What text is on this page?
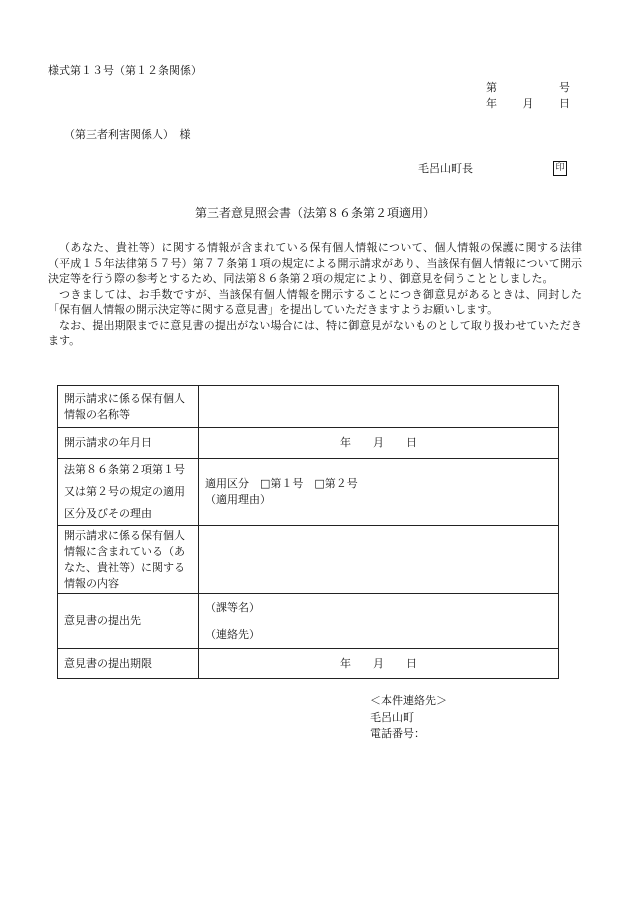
様式第１３号（第１２条関係）
第	号
年 月 日
（第三者利害関係人）　様
毛呂山町長	印
第三者意見照会書（法第８６条第２項適用）

（あなた、貴社等）に関する情報が含まれている保有個人情報について、個人情報の保護に関する法律（平成１５年法律第５７号）第７７条第１項の規定による開示請求があり、当該保有個人情報について開示決定等を行う際の参考とするため、同法第８６条第２項の規定により、御意見を伺うこととしました。

つきましては、お手数ですが、当該保有個人情報を開示することにつき御意見があるときは、同封した「保有個人情報の開示決定等に関する意見書」を提出していただきますようお願いします。

なお、提出期限までに意見書の提出がない場合には、特に御意見がないものとして取り扱わせていただきます。

開示請求に係る保有個人情報の名称等	
開示請求の年月日	年　　月　　日
法第８６条第２項第１号又は第２号の規定の適用区分及びその理由	適用区分　□第１号　□第２号
（適用理由）

開示請求に係る保有個人情報に含まれている（あなた、貴社等）に関する情報の内容	
意見書の提出先	（課等名）
（連絡先）

意見書の提出期限	年　　月　　日
＜本件連絡先＞
毛呂山町
電話番号：
